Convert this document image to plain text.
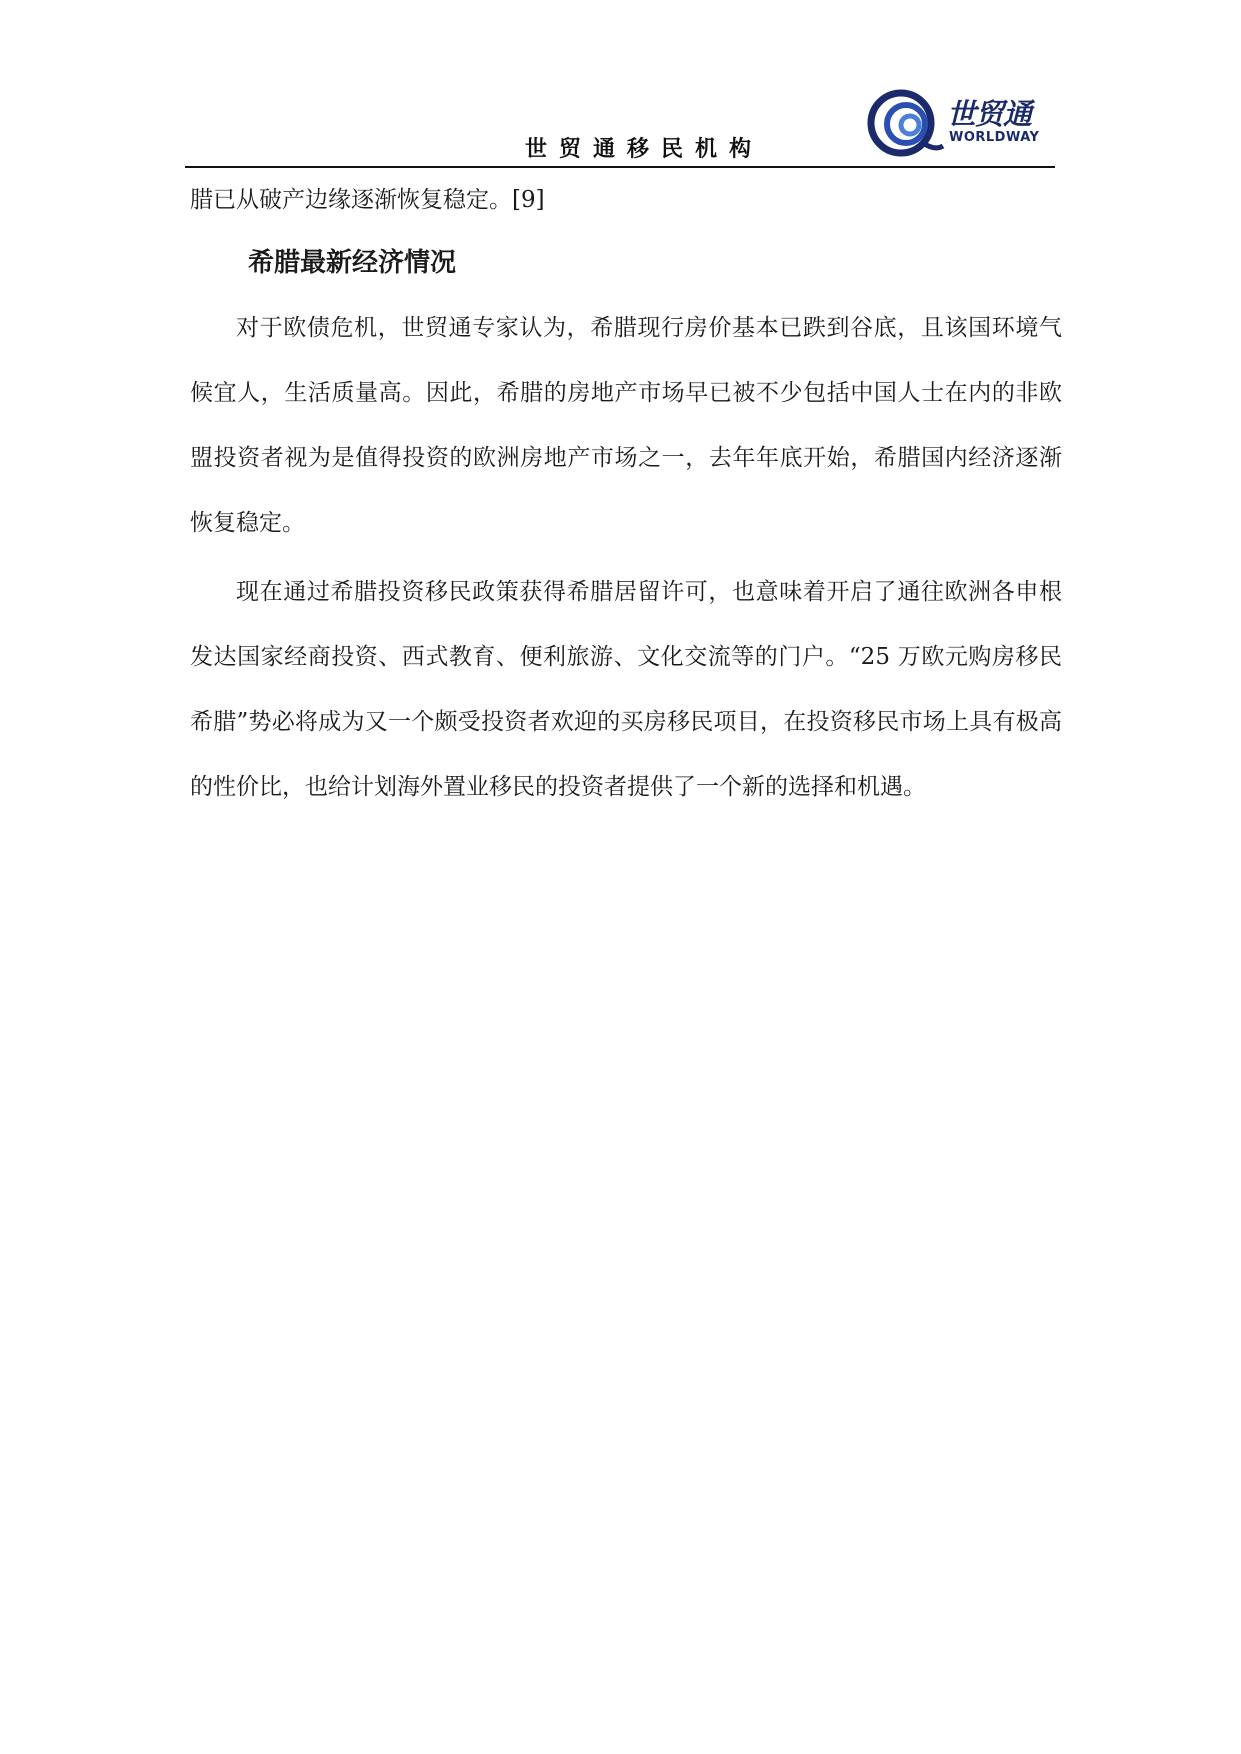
世贸通移民机构
世贸通
WORLDWAY

腊已从破产边缘逐渐恢复稳定。[9]

希腊最新经济情况

对于欧债危机，世贸通专家认为，希腊现行房价基本已跌到谷底，且该国环境气候宜人，生活质量高。因此，希腊的房地产市场早已被不少包括中国人士在内的非欧盟投资者视为是值得投资的欧洲房地产市场之一，去年年底开始，希腊国内经济逐渐恢复稳定。

现在通过希腊投资移民政策获得希腊居留许可，也意味着开启了通往欧洲各申根发达国家经商投资、西式教育、便利旅游、文化交流等的门户。“25 万欧元购房移民希腊”势必将成为又一个颇受投资者欢迎的买房移民项目，在投资移民市场上具有极高的性价比，也给计划海外置业移民的投资者提供了一个新的选择和机遇。
